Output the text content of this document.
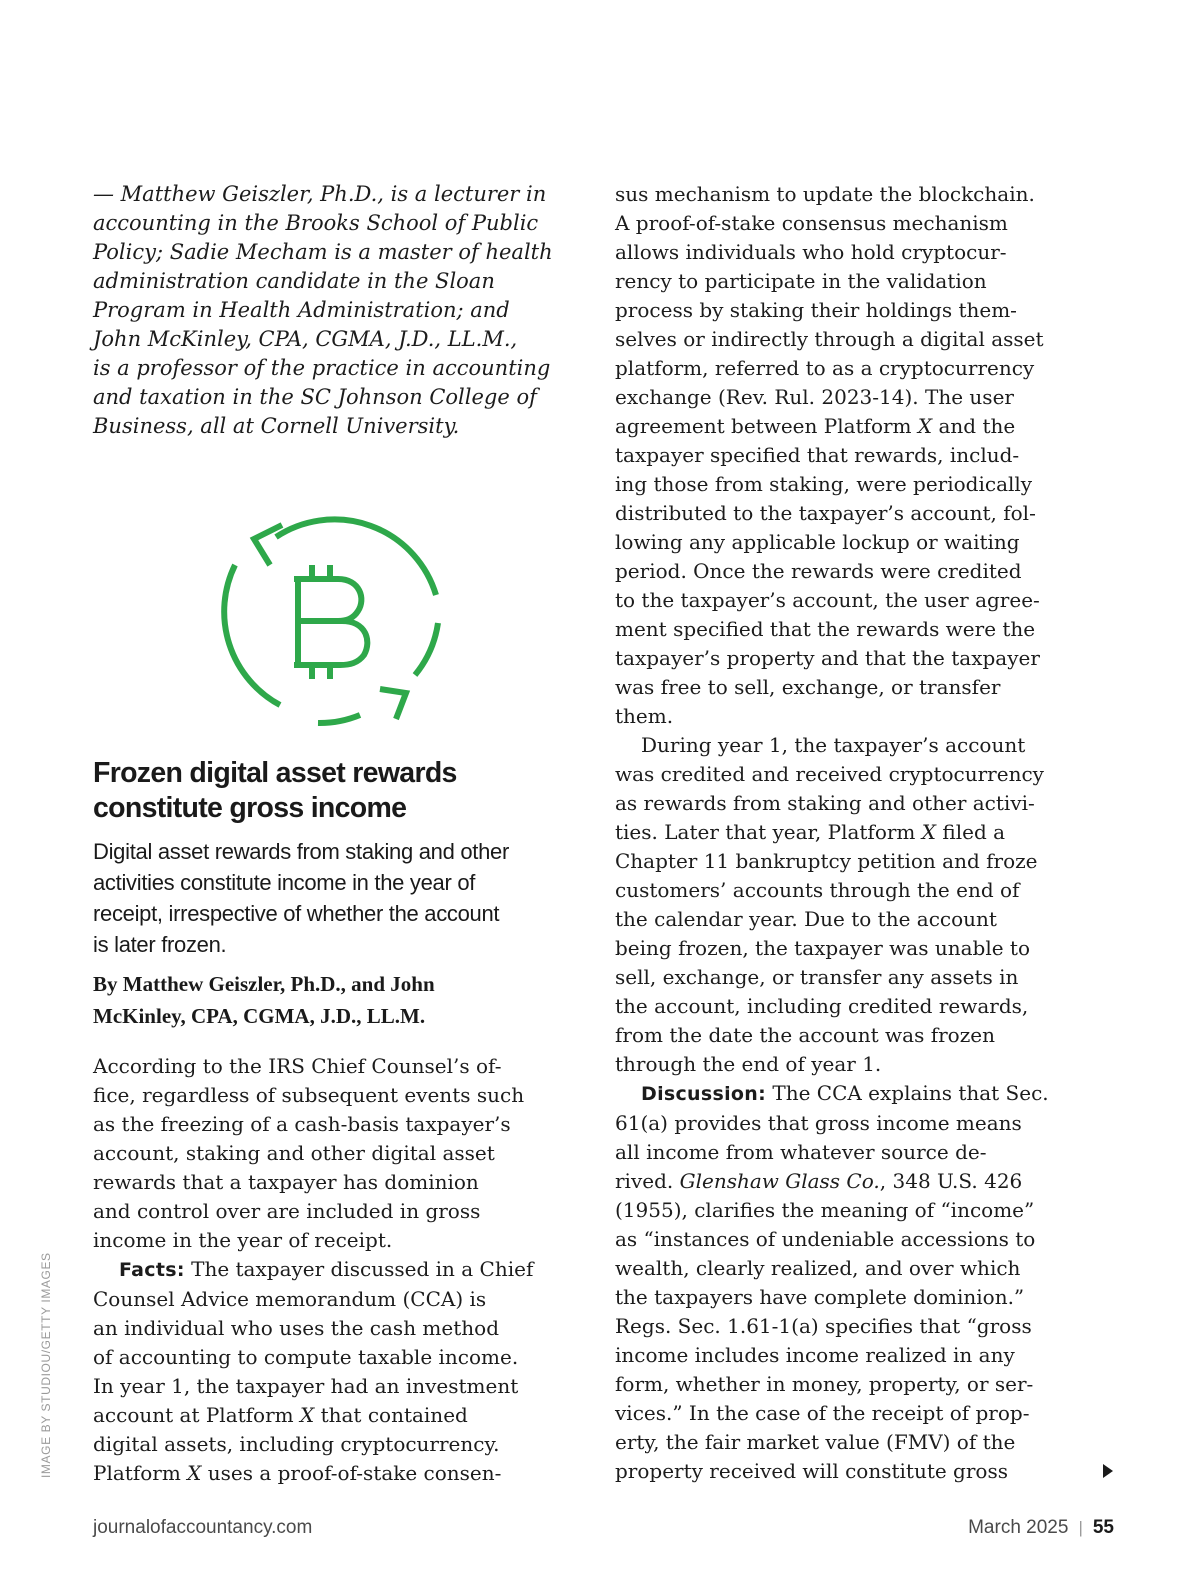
— Matthew Geiszler, Ph.D., is a lecturer in
accounting in the Brooks School of Public
Policy; Sadie Mecham is a master of health
administration candidate in the Sloan
Program in Health Administration; and
John McKinley, CPA, CGMA, J.D., LL.M.,
is a professor of the practice in accounting
and taxation in the SC Johnson College of
Business, all at Cornell University.

Frozen digital asset rewards
constitute gross income

Digital asset rewards from staking and other
activities constitute income in the year of
receipt, irrespective of whether the account
is later frozen.

By Matthew Geiszler, Ph.D., and John
McKinley, CPA, CGMA, J.D., LL.M.

According to the IRS Chief Counsel’s of-
fice, regardless of subsequent events such
as the freezing of a cash-basis taxpayer’s
account, staking and other digital asset
rewards that a taxpayer has dominion
and control over are included in gross
income in the year of receipt.
Facts: The taxpayer discussed in a Chief
Counsel Advice memorandum (CCA) is
an individual who uses the cash method
of accounting to compute taxable income.
In year 1, the taxpayer had an investment
account at Platform X that contained
digital assets, including cryptocurrency.
Platform X uses a proof-of-stake consen-
sus mechanism to update the blockchain.
A proof-of-stake consensus mechanism
allows individuals who hold cryptocur-
rency to participate in the validation
process by staking their holdings them-
selves or indirectly through a digital asset
platform, referred to as a cryptocurrency
exchange (Rev. Rul. 2023-14). The user
agreement between Platform X and the
taxpayer specified that rewards, includ-
ing those from staking, were periodically
distributed to the taxpayer’s account, fol-
lowing any applicable lockup or waiting
period. Once the rewards were credited
to the taxpayer’s account, the user agree-
ment specified that the rewards were the
taxpayer’s property and that the taxpayer
was free to sell, exchange, or transfer
them.
During year 1, the taxpayer’s account
was credited and received cryptocurrency
as rewards from staking and other activi-
ties. Later that year, Platform X filed a
Chapter 11 bankruptcy petition and froze
customers’ accounts through the end of
the calendar year. Due to the account
being frozen, the taxpayer was unable to
sell, exchange, or transfer any assets in
the account, including credited rewards,
from the date the account was frozen
through the end of year 1.
Discussion: The CCA explains that Sec.
61(a) provides that gross income means
all income from whatever source de-
rived. Glenshaw Glass Co., 348 U.S. 426
(1955), clarifies the meaning of “income”
as “instances of undeniable accessions to
wealth, clearly realized, and over which
the taxpayers have complete dominion.”
Regs. Sec. 1.61-1(a) specifies that “gross
income includes income realized in any
form, whether in money, property, or ser-
vices.” In the case of the receipt of prop-
erty, the fair market value (FMV) of the
property received will constitute gross
IMAGE BY STUDIOU/GETTY IMAGES
journalofaccountancy.com	March 2025 | 55
